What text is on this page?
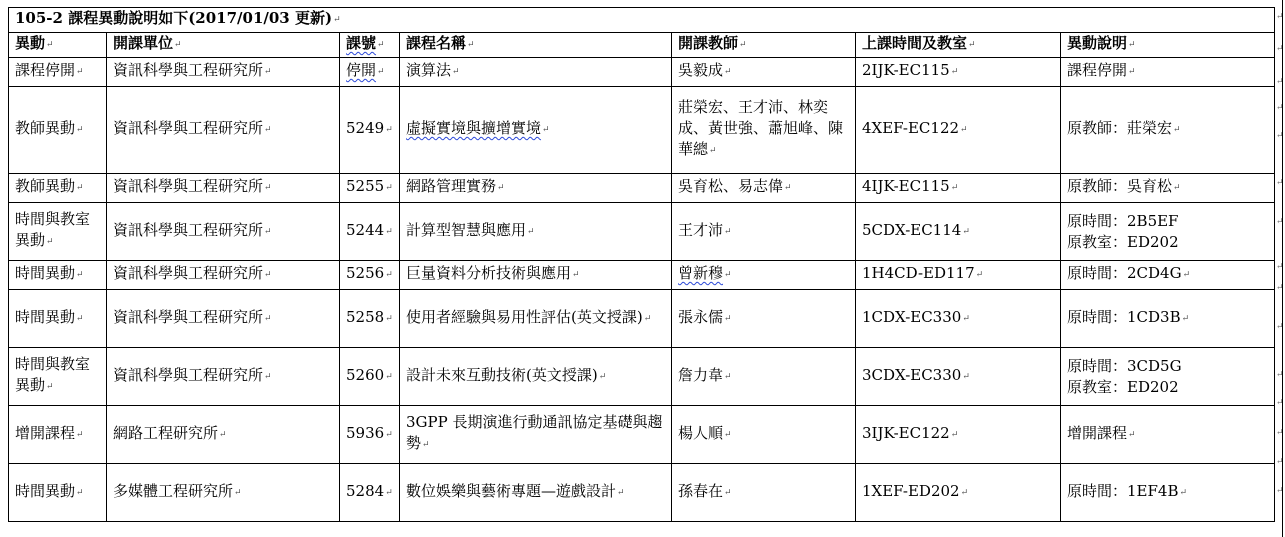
105-2 課程異動說明如下(2017/01/03 更新)↵						
異動↵	開課單位↵	課號↵	課程名稱↵	開課教師↵	上課時間及教室↵	異動說明↵
課程停開↵	資訊科學與工程研究所↵	停開↵	演算法↵	吳毅成↵	2IJK-EC115↵	課程停開↵
教師異動↵	資訊科學與工程研究所↵	5249↵	虛擬實境與擴增實境↵	莊榮宏、王才沛、林奕成、黃世強、蕭旭峰、陳華總↵	4XEF-EC122↵	原教師：莊榮宏↵
教師異動↵	資訊科學與工程研究所↵	5255↵	網路管理實務↵	吳育松、易志偉↵	4IJK-EC115↵	原教師：吳育松↵
時間與教室異動↵	資訊科學與工程研究所↵	5244↵	計算型智慧與應用↵	王才沛↵	5CDX-EC114↵	原時間：2B5EF
原教室：ED202

時間異動↵	資訊科學與工程研究所↵	5256↵	巨量資料分析技術與應用↵	曾新穆↵	1H4CD-ED117↵	原時間：2CD4G↵
時間異動↵	資訊科學與工程研究所↵	5258↵	使用者經驗與易用性評估(英文授課)↵	張永儒↵	1CDX-EC330↵	原時間：1CD3B↵
時間與教室異動↵	資訊科學與工程研究所↵	5260↵	設計未來互動技術(英文授課)↵	詹力韋↵	3CDX-EC330↵	原時間：3CD5G
原教室：ED202

增開課程↵	網路工程研究所↵	5936↵	3GPP 長期演進行動通訊協定基礎與趨勢↵	楊人順↵	3IJK-EC122↵	增開課程↵
時間異動↵	多媒體工程研究所↵	5284↵	數位娛樂與藝術專題—遊戲設計↵	孫春在↵	1XEF-ED202↵	原時間：1EF4B↵
↵
↵
↵
↵
↵
↵
↵
↵
↵
↵
↵
↵
↵
↵
↵
